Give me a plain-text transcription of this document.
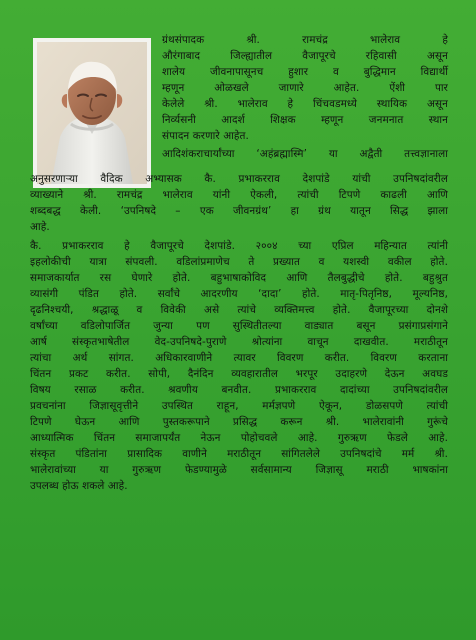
ग्रंथसंपादक श्री. रामचंद्र भालेराव हे
औरंगाबाद जिल्ह्यातील वैजापूरचे रहिवासी असून
शालेय जीवनापासूनच हुशार व बुद्धिमान विद्यार्थी
म्हणून ओळखले जाणारे आहेत. ऐंशी पार
केलेले श्री. भालेराव हे चिंचवडमध्ये स्थायिक असून
निर्व्यसनी आदर्श शिक्षक म्हणून जनमनात स्थान
संपादन करणारे आहेत.
आदिशंकराचार्यांच्या ‘अहंब्रह्मास्मि’ या अद्वैती तत्त्वज्ञानाला
अनुसरणाऱ्या वैदिक अभ्यासक कै. प्रभाकरराव देशपांडे यांची उपनिषदांवरील
व्याख्याने श्री. रामचंद्र भालेराव यांनी ऐकली, त्यांची टिपणे काढली आणि
शब्दबद्ध केली. ‘उपनिषदे – एक जीवनग्रंथ’ हा ग्रंथ यातून सिद्ध झाला
आहे.
कै. प्रभाकरराव हे वैजापूरचे देशपांडे. २००४ च्या एप्रिल महिन्यात त्यांनी
इहलोकीची यात्रा संपवली. वडिलांप्रमाणेच ते प्रख्यात व यशस्वी वकील होते.
समाजकार्यात रस घेणारे होते. बहुभाषाकोविद आणि तैलबुद्धीचे होते. बहुश्रुत
व्यासंगी पंडित होते. सर्वांचे आदरणीय ‘दादा’ होते. मातृ-पितृनिष्ठ, मूल्यनिष्ठ,
दृढनिश्चयी, श्रद्धाळू व विवेकी असे त्यांचे व्यक्तिमत्त्व होते. वैजापूरच्या दोनशे
वर्षांच्या वडिलोपार्जित जुन्या पण सुस्थितीतल्या वाड्यात बसून प्रसंगाप्रसंगाने
आर्ष संस्कृतभाषेतील वेद-उपनिषदे-पुराणे श्रोत्यांना वाचून दाखवीत. मराठीतून
त्यांचा अर्थ सांगत. अधिकारवाणीने त्यावर विवरण करीत. विवरण करताना
चिंतन प्रकट करीत. सोपी, दैनंदिन व्यवहारातील भरपूर उदाहरणे देऊन अवघड
विषय रसाळ करीत. श्रवणीय बनवीत. प्रभाकरराव दादांच्या उपनिषदांवरील
प्रवचनांना जिज्ञासूवृत्तीने उपस्थित राहून, मर्मज्ञपणे ऐकून, डोळसपणे त्यांची
टिपणे घेऊन आणि पुस्तकरूपाने प्रसिद्ध करून श्री. भालेरावांनी गुरूंचे
आध्यात्मिक चिंतन समाजापर्यंत नेऊन पोहोचवले आहे. गुरुऋण फेडले आहे.
संस्कृत पंडितांना प्रासादिक वाणीने मराठीतून सांगितलेले उपनिषदांचे मर्म श्री.
भालेरावांच्या या गुरुऋण फेडण्यामुळे सर्वसामान्य जिज्ञासू मराठी भाषकांना
उपलब्ध होऊ शकले आहे.
